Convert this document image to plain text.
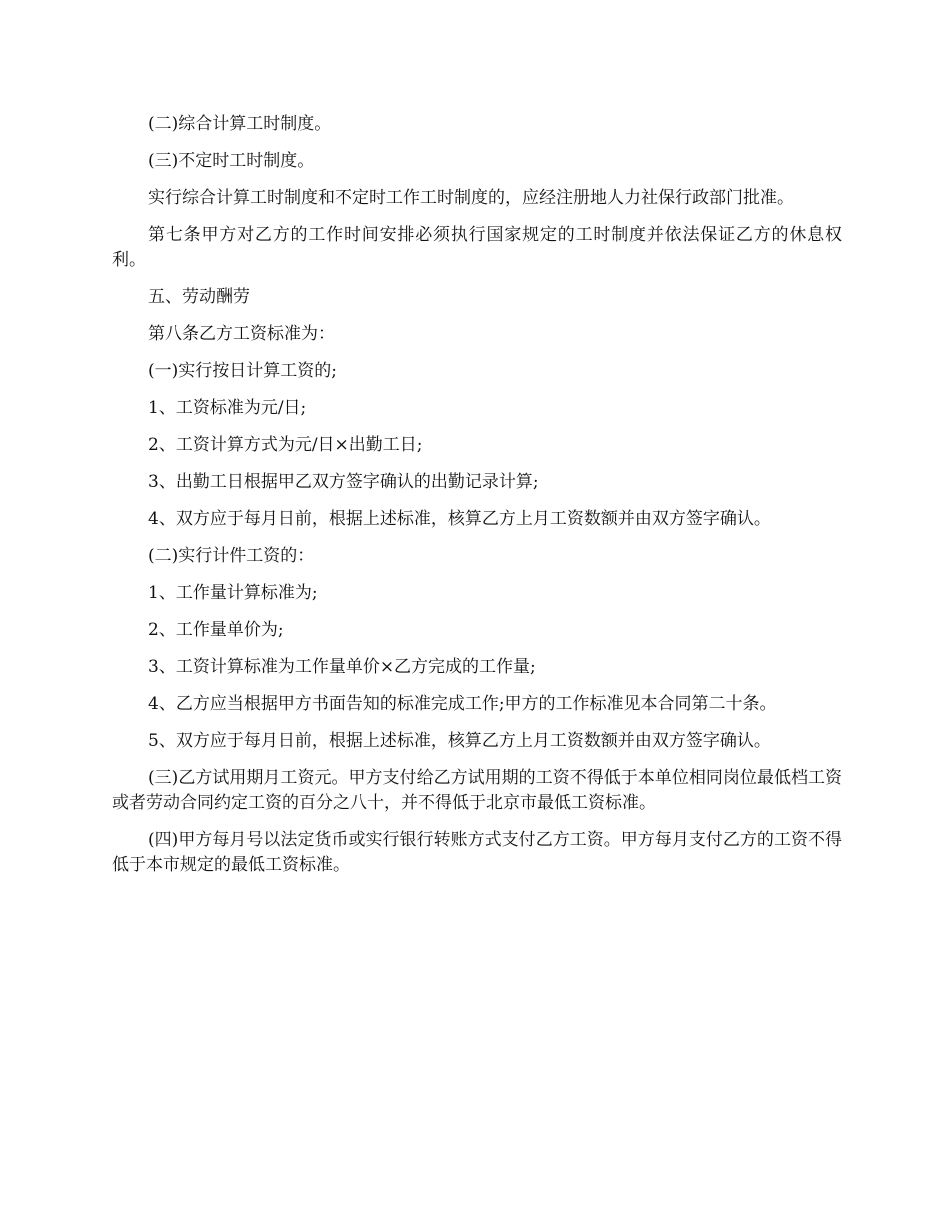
(二)综合计算工时制度。

(三)不定时工时制度。

实行综合计算工时制度和不定时工作工时制度的，应经注册地人力社保行政部门批准。

第七条甲方对乙方的工作时间安排必须执行国家规定的工时制度并依法保证乙方的休息权利。

五、劳动酬劳

第八条乙方工资标准为：

(一)实行按日计算工资的;

1、工资标准为元/日;

2、工资计算方式为元/日×出勤工日;

3、出勤工日根据甲乙双方签字确认的出勤记录计算;

4、双方应于每月日前，根据上述标准，核算乙方上月工资数额并由双方签字确认。

(二)实行计件工资的：

1、工作量计算标准为;

2、工作量单价为;

3、工资计算标准为工作量单价×乙方完成的工作量;

4、乙方应当根据甲方书面告知的标准完成工作;甲方的工作标准见本合同第二十条。

5、双方应于每月日前，根据上述标准，核算乙方上月工资数额并由双方签字确认。

(三)乙方试用期月工资元。甲方支付给乙方试用期的工资不得低于本单位相同岗位最低档工资或者劳动合同约定工资的百分之八十，并不得低于北京市最低工资标准。

(四)甲方每月号以法定货币或实行银行转账方式支付乙方工资。甲方每月支付乙方的工资不得低于本市规定的最低工资标准。
